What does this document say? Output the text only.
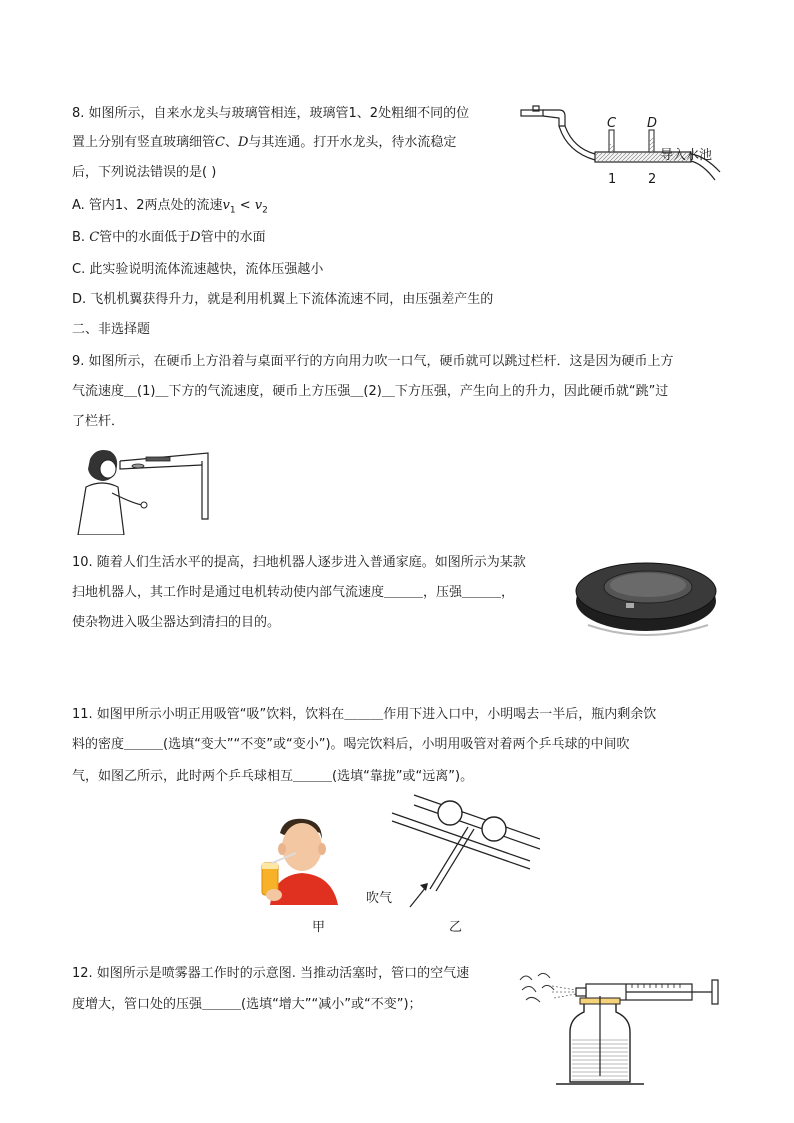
8. 如图所示，自来水龙头与玻璃管相连，玻璃管1、2处粗细不同的位
置上分别有竖直玻璃细管C、D与其连通。打开水龙头，待水流稳定
后，下列说法错误的是( )
A. 管内1、2两点处的流速$v_1 < v_2$
B. C管中的水面低于D管中的水面
C. 此实验说明流体流速越快，流体压强越小
D. 飞机机翼获得升力，就是利用机翼上下流体流速不同，由压强差产生的
C D
1 2
导入水池
二、非选择题
9. 如图所示，在硬币上方沿着与桌面平行的方向用力吹一口气，硬币就可以跳过栏杆．这是因为硬币上方
气流速度＿(1)＿下方的气流速度，硬币上方压强＿(2)＿下方压强，产生向上的升力，因此硬币就“跳”过
了栏杆．
10. 随着人们生活水平的提高，扫地机器人逐步进入普通家庭。如图所示为某款
扫地机器人，其工作时是通过电机转动使内部气流速度＿＿＿，压强＿＿＿，
使杂物进入吸尘器达到清扫的目的。
11. 如图甲所示小明正用吸管“吸”饮料，饮料在＿＿＿作用下进入口中，小明喝去一半后，瓶内剩余饮
料的密度＿＿＿(选填“变大”“不变”或“变小”)。喝完饮料后，小明用吸管对着两个乒乓球的中间吹
气，如图乙所示，此时两个乒乓球相互＿＿＿(选填“靠拢”或“远离”)。
甲
吹气
乙
12. 如图所示是喷雾器工作时的示意图. 当推动活塞时，管口的空气速
度增大，管口处的压强＿＿＿(选填“增大”“减小”或“不变”)；
